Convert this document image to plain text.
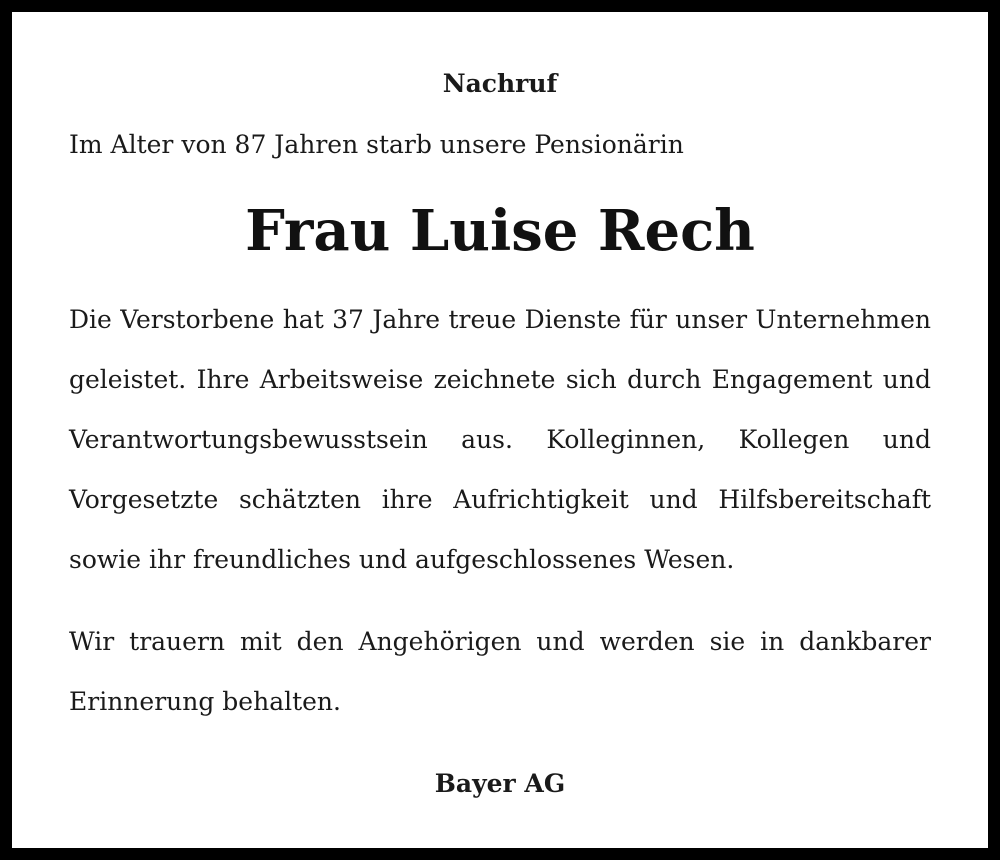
Nachruf

Im Alter von 87 Jahren starb unsere Pensionärin

Frau Luise Rech

Die Verstorbene hat 37 Jahre treue Dienste für unser Unternehmen geleistet. Ihre Arbeitsweise zeichnete sich durch Engagement und Verantwortungsbewusstsein aus. Kolleginnen, Kollegen und Vorgesetzte schätzten ihre Aufrichtigkeit und Hilfsbereitschaft sowie ihr freundliches und aufgeschlossenes Wesen.

Wir trauern mit den Angehörigen und werden sie in dankbarer Erinnerung behalten.

Bayer AG
